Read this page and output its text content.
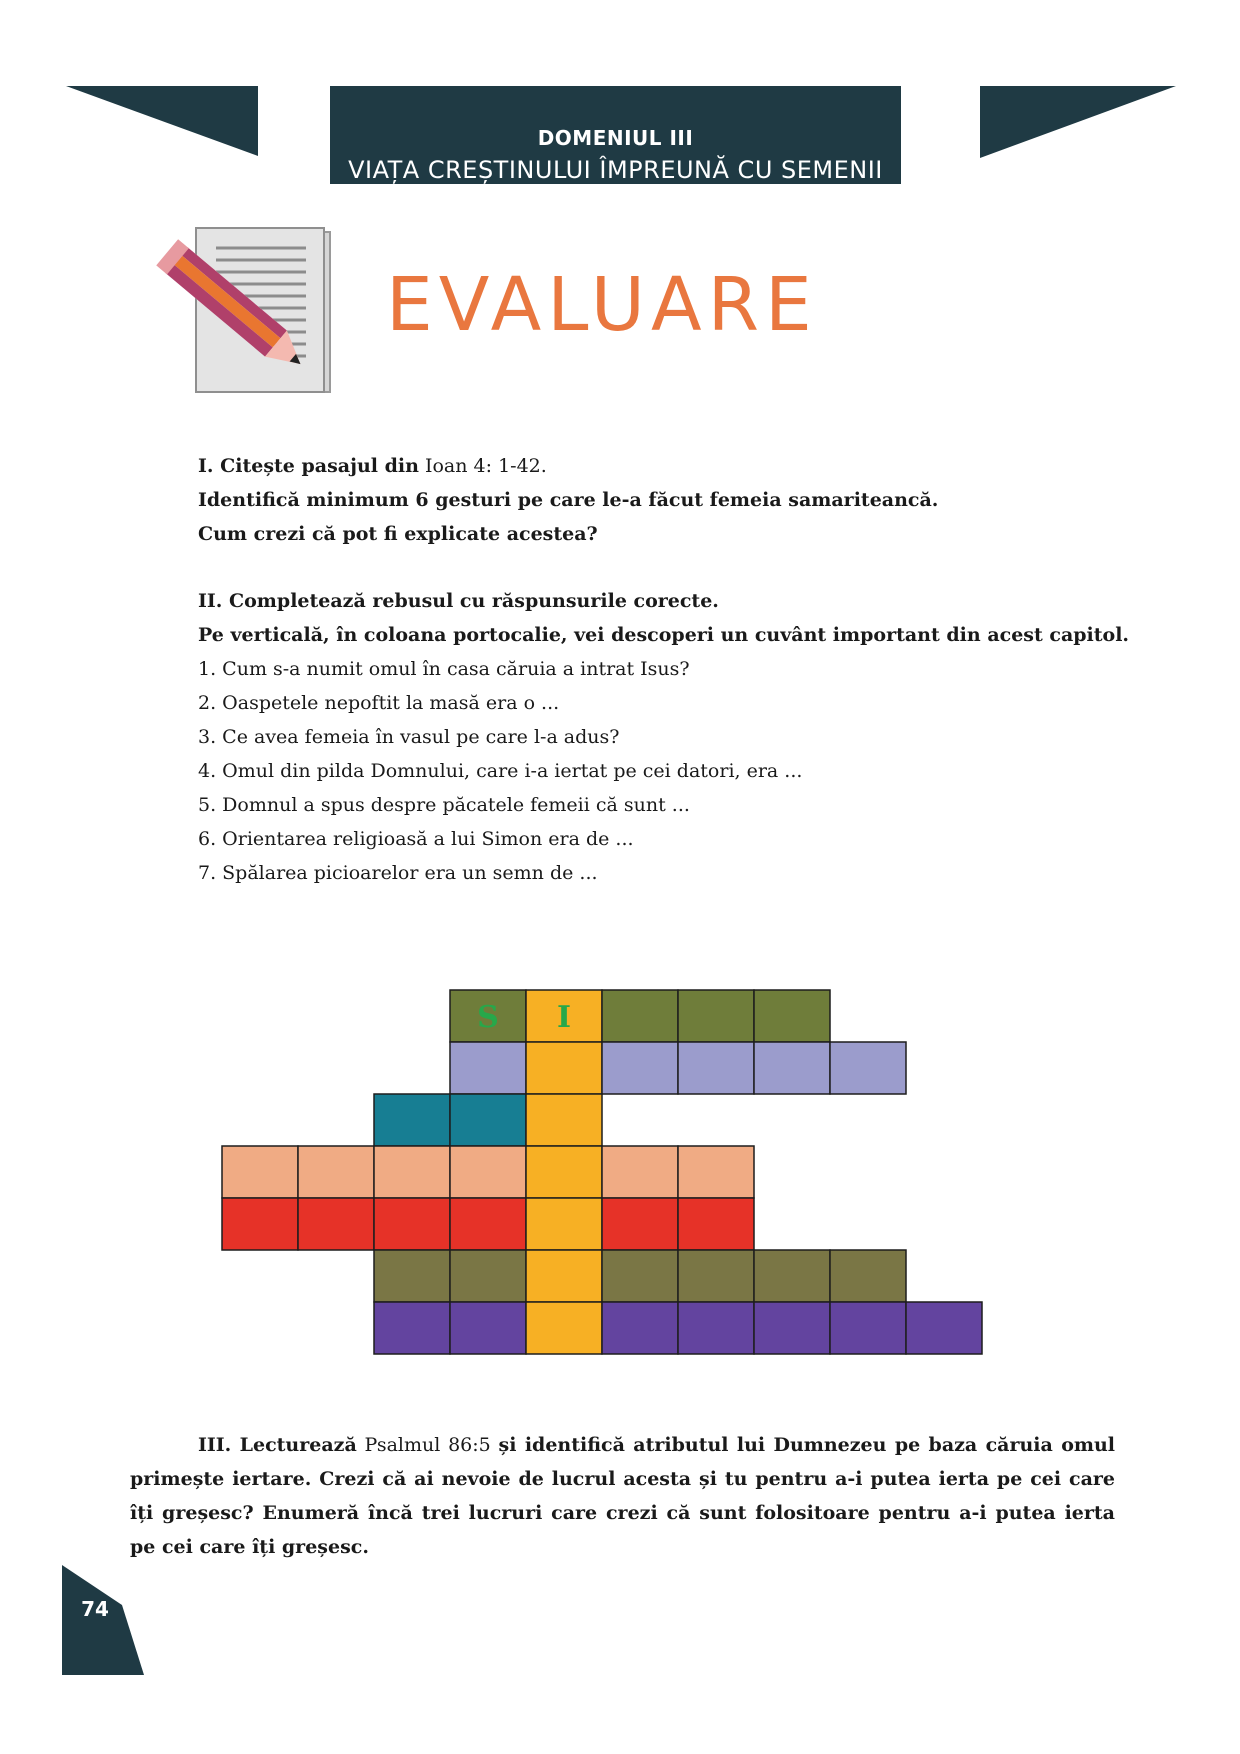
DOMENIUL III
VIAȚA CREȘTINULUI ÎMPREUNĂ CU SEMENII
EVALUARE

I. Citește pasajul din Ioan 4: 1-42.

Identifică minimum 6 gesturi pe care le-a făcut femeia samariteancă.

Cum crezi că pot fi explicate acestea?

II. Completează rebusul cu răspunsurile corecte.

Pe verticală, în coloana portocalie, vei descoperi un cuvânt important din acest capitol.

1. Cum s-a numit omul în casa căruia a intrat Isus?

2. Oaspetele nepoftit la masă era o ...

3. Ce avea femeia în vasul pe care l-a adus?

4. Omul din pilda Domnului, care i-a iertat pe cei datori, era ...

5. Domnul a spus despre păcatele femeii că sunt ...

6. Orientarea religioasă a lui Simon era de ...

7. Spălarea picioarelor era un semn de ...

S I

III. Lecturează Psalmul 86:5 și identifică atributul lui Dumnezeu pe baza căruia omul primește iertare. Crezi că ai nevoie de lucrul acesta și tu pentru a-i putea ierta pe cei care îți greșesc? Enumeră încă trei lucruri care crezi că sunt folositoare pentru a-i putea ierta pe cei care îți greșesc.

74
